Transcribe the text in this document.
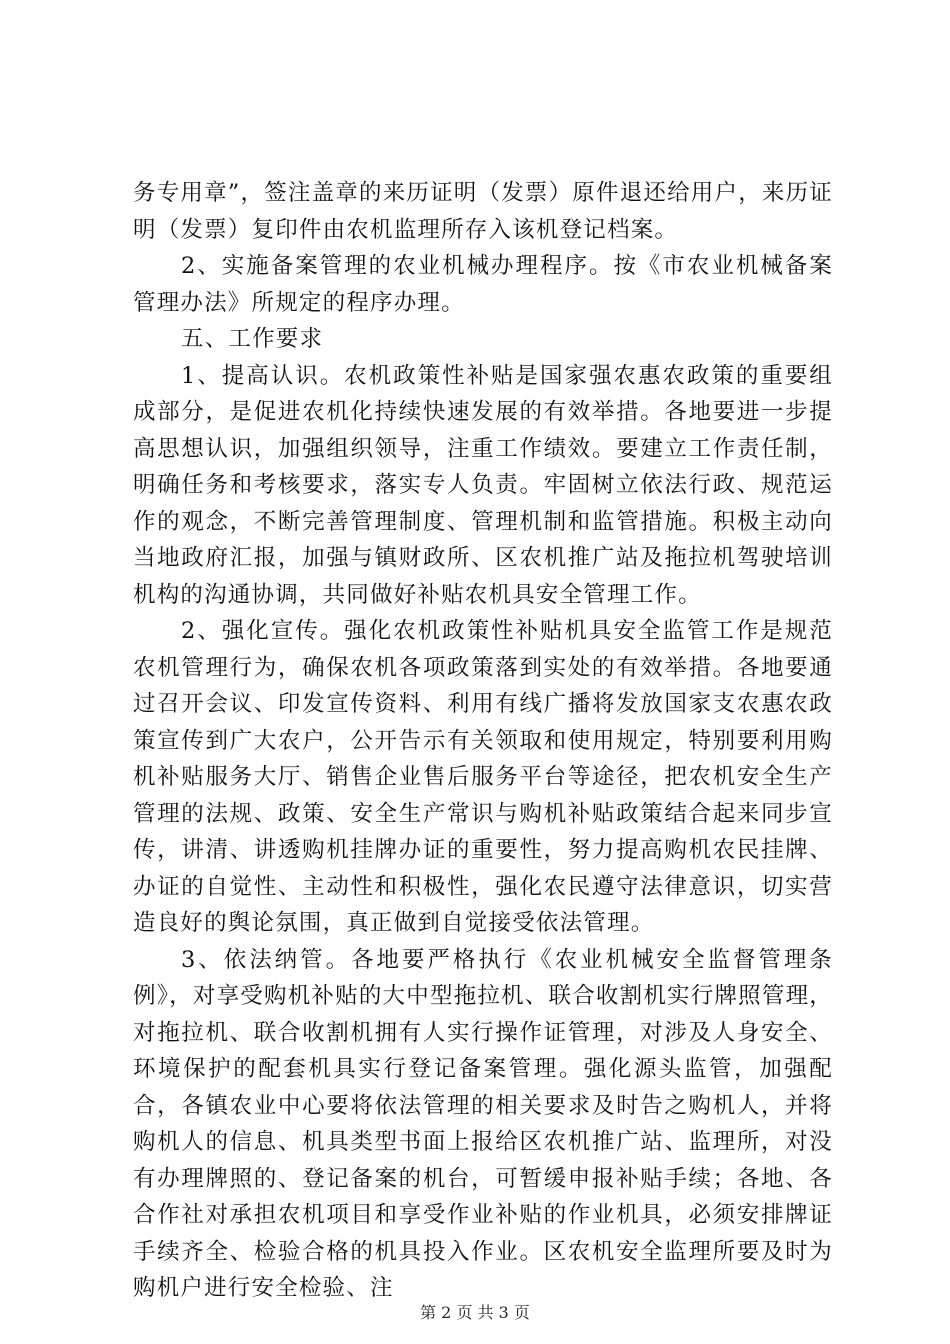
务专用章”，签注盖章的来历证明（发票）原件退还给用户，来历证明（发票）复印件由农机监理所存入该机登记档案。

2、实施备案管理的农业机械办理程序。按《市农业机械备案管理办法》所规定的程序办理。

五、工作要求

1、提高认识。农机政策性补贴是国家强农惠农政策的重要组成部分，是促进农机化持续快速发展的有效举措。各地要进一步提高思想认识，加强组织领导，注重工作绩效。要建立工作责任制，明确任务和考核要求，落实专人负责。牢固树立依法行政、规范运作的观念，不断完善管理制度、管理机制和监管措施。积极主动向当地政府汇报，加强与镇财政所、区农机推广站及拖拉机驾驶培训机构的沟通协调，共同做好补贴农机具安全管理工作。

2、强化宣传。强化农机政策性补贴机具安全监管工作是规范农机管理行为，确保农机各项政策落到实处的有效举措。各地要通过召开会议、印发宣传资料、利用有线广播将发放国家支农惠农政策宣传到广大农户，公开告示有关领取和使用规定，特别要利用购机补贴服务大厅、销售企业售后服务平台等途径，把农机安全生产管理的法规、政策、安全生产常识与购机补贴政策结合起来同步宣传，讲清、讲透购机挂牌办证的重要性，努力提高购机农民挂牌、办证的自觉性、主动性和积极性，强化农民遵守法律意识，切实营造良好的舆论氛围，真正做到自觉接受依法管理。

3、依法纳管。各地要严格执行《农业机械安全监督管理条例》，对享受购机补贴的大中型拖拉机、联合收割机实行牌照管理，对拖拉机、联合收割机拥有人实行操作证管理，对涉及人身安全、环境保护的配套机具实行登记备案管理。强化源头监管，加强配合，各镇农业中心要将依法管理的相关要求及时告之购机人，并将购机人的信息、机具类型书面上报给区农机推广站、监理所，对没有办理牌照的、登记备案的机台，可暂缓申报补贴手续；各地、各合作社对承担农机项目和享受作业补贴的作业机具，必须安排牌证手续齐全、检验合格的机具投入作业。区农机安全监理所要及时为购机户进行安全检验、注

第 2 页 共 3 页
